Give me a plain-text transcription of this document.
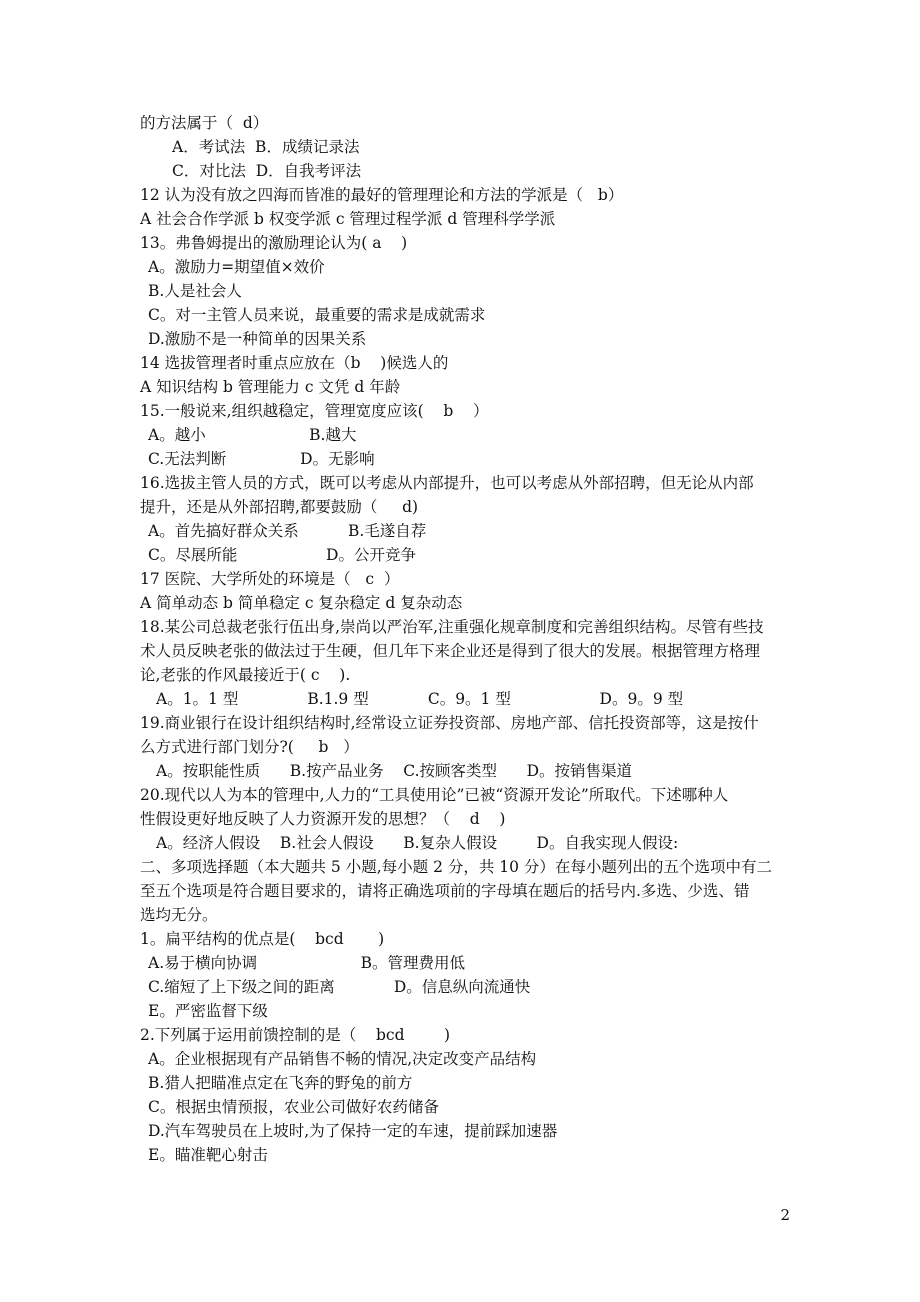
的方法属于（  d）
A．考试法  B．成绩记录法
C．对比法  D．自我考评法
12 认为没有放之四海而皆准的最好的管理理论和方法的学派是（   b）
A 社会合作学派 b 权变学派 c 管理过程学派 d 管理科学学派
13。弗鲁姆提出的激励理论认为( a    )
A。激励力=期望值×效价
B.人是社会人
C。对一主管人员来说，最重要的需求是成就需求
D.激励不是一种简单的因果关系
14 选拔管理者时重点应放在（b    )候选人的
A 知识结构 b 管理能力 c 文凭 d 年龄
15.一般说来,组织越稳定，管理宽度应该(    b    ）
A。越小                     B.越大
C.无法判断               D。无影响
16.选拔主管人员的方式，既可以考虑从内部提升，也可以考虑从外部招聘，但无论从内部
提升，还是从外部招聘,都要鼓励（     d)
A。首先搞好群众关系          B.毛遂自荐
C。尽展所能                  D。公开竞争
17 医院、大学所处的环境是（   c  ）
A 简单动态 b 简单稳定 c 复杂稳定 d 复杂动态
18.某公司总裁老张行伍出身,崇尚以严治军,注重强化规章制度和完善组织结构。尽管有些技
术人员反映老张的做法过于生硬，但几年下来企业还是得到了很大的发展。根据管理方格理
论,老张的作风最接近于( c    ).
A。1。1 型              B.1.9 型            C。9。1 型                  D。9。9 型
19.商业银行在设计组织结构时,经常设立证券投资部、房地产部、信托投资部等，这是按什
么方式进行部门划分?(     b   ）
A。按职能性质      B.按产品业务    C.按顾客类型      D。按销售渠道
20.现代以人为本的管理中,人力的“工具使用论”已被“资源开发论”所取代。下述哪种人
性假设更好地反映了人力资源开发的思想？（    d    )
A。经济人假设    B.社会人假设      B.复杂人假设        D。自我实现人假设:
二、多项选择题（本大题共 5 小题,每小题 2 分，共 10 分）在每小题列出的五个选项中有二
至五个选项是符合题目要求的，请将正确选项前的字母填在题后的括号内.多选、少选、错
选均无分。
1。扁平结构的优点是(    bcd       )
A.易于横向协调                     B。管理费用低
C.缩短了上下级之间的距离            D。信息纵向流通快
E。严密监督下级
2.下列属于运用前馈控制的是（    bcd        )
A。企业根据现有产品销售不畅的情况,决定改变产品结构
B.猎人把瞄准点定在飞奔的野兔的前方
C。根据虫情预报，农业公司做好农药储备
D.汽车驾驶员在上坡时,为了保持一定的车速，提前踩加速器
E。瞄准靶心射击
2
